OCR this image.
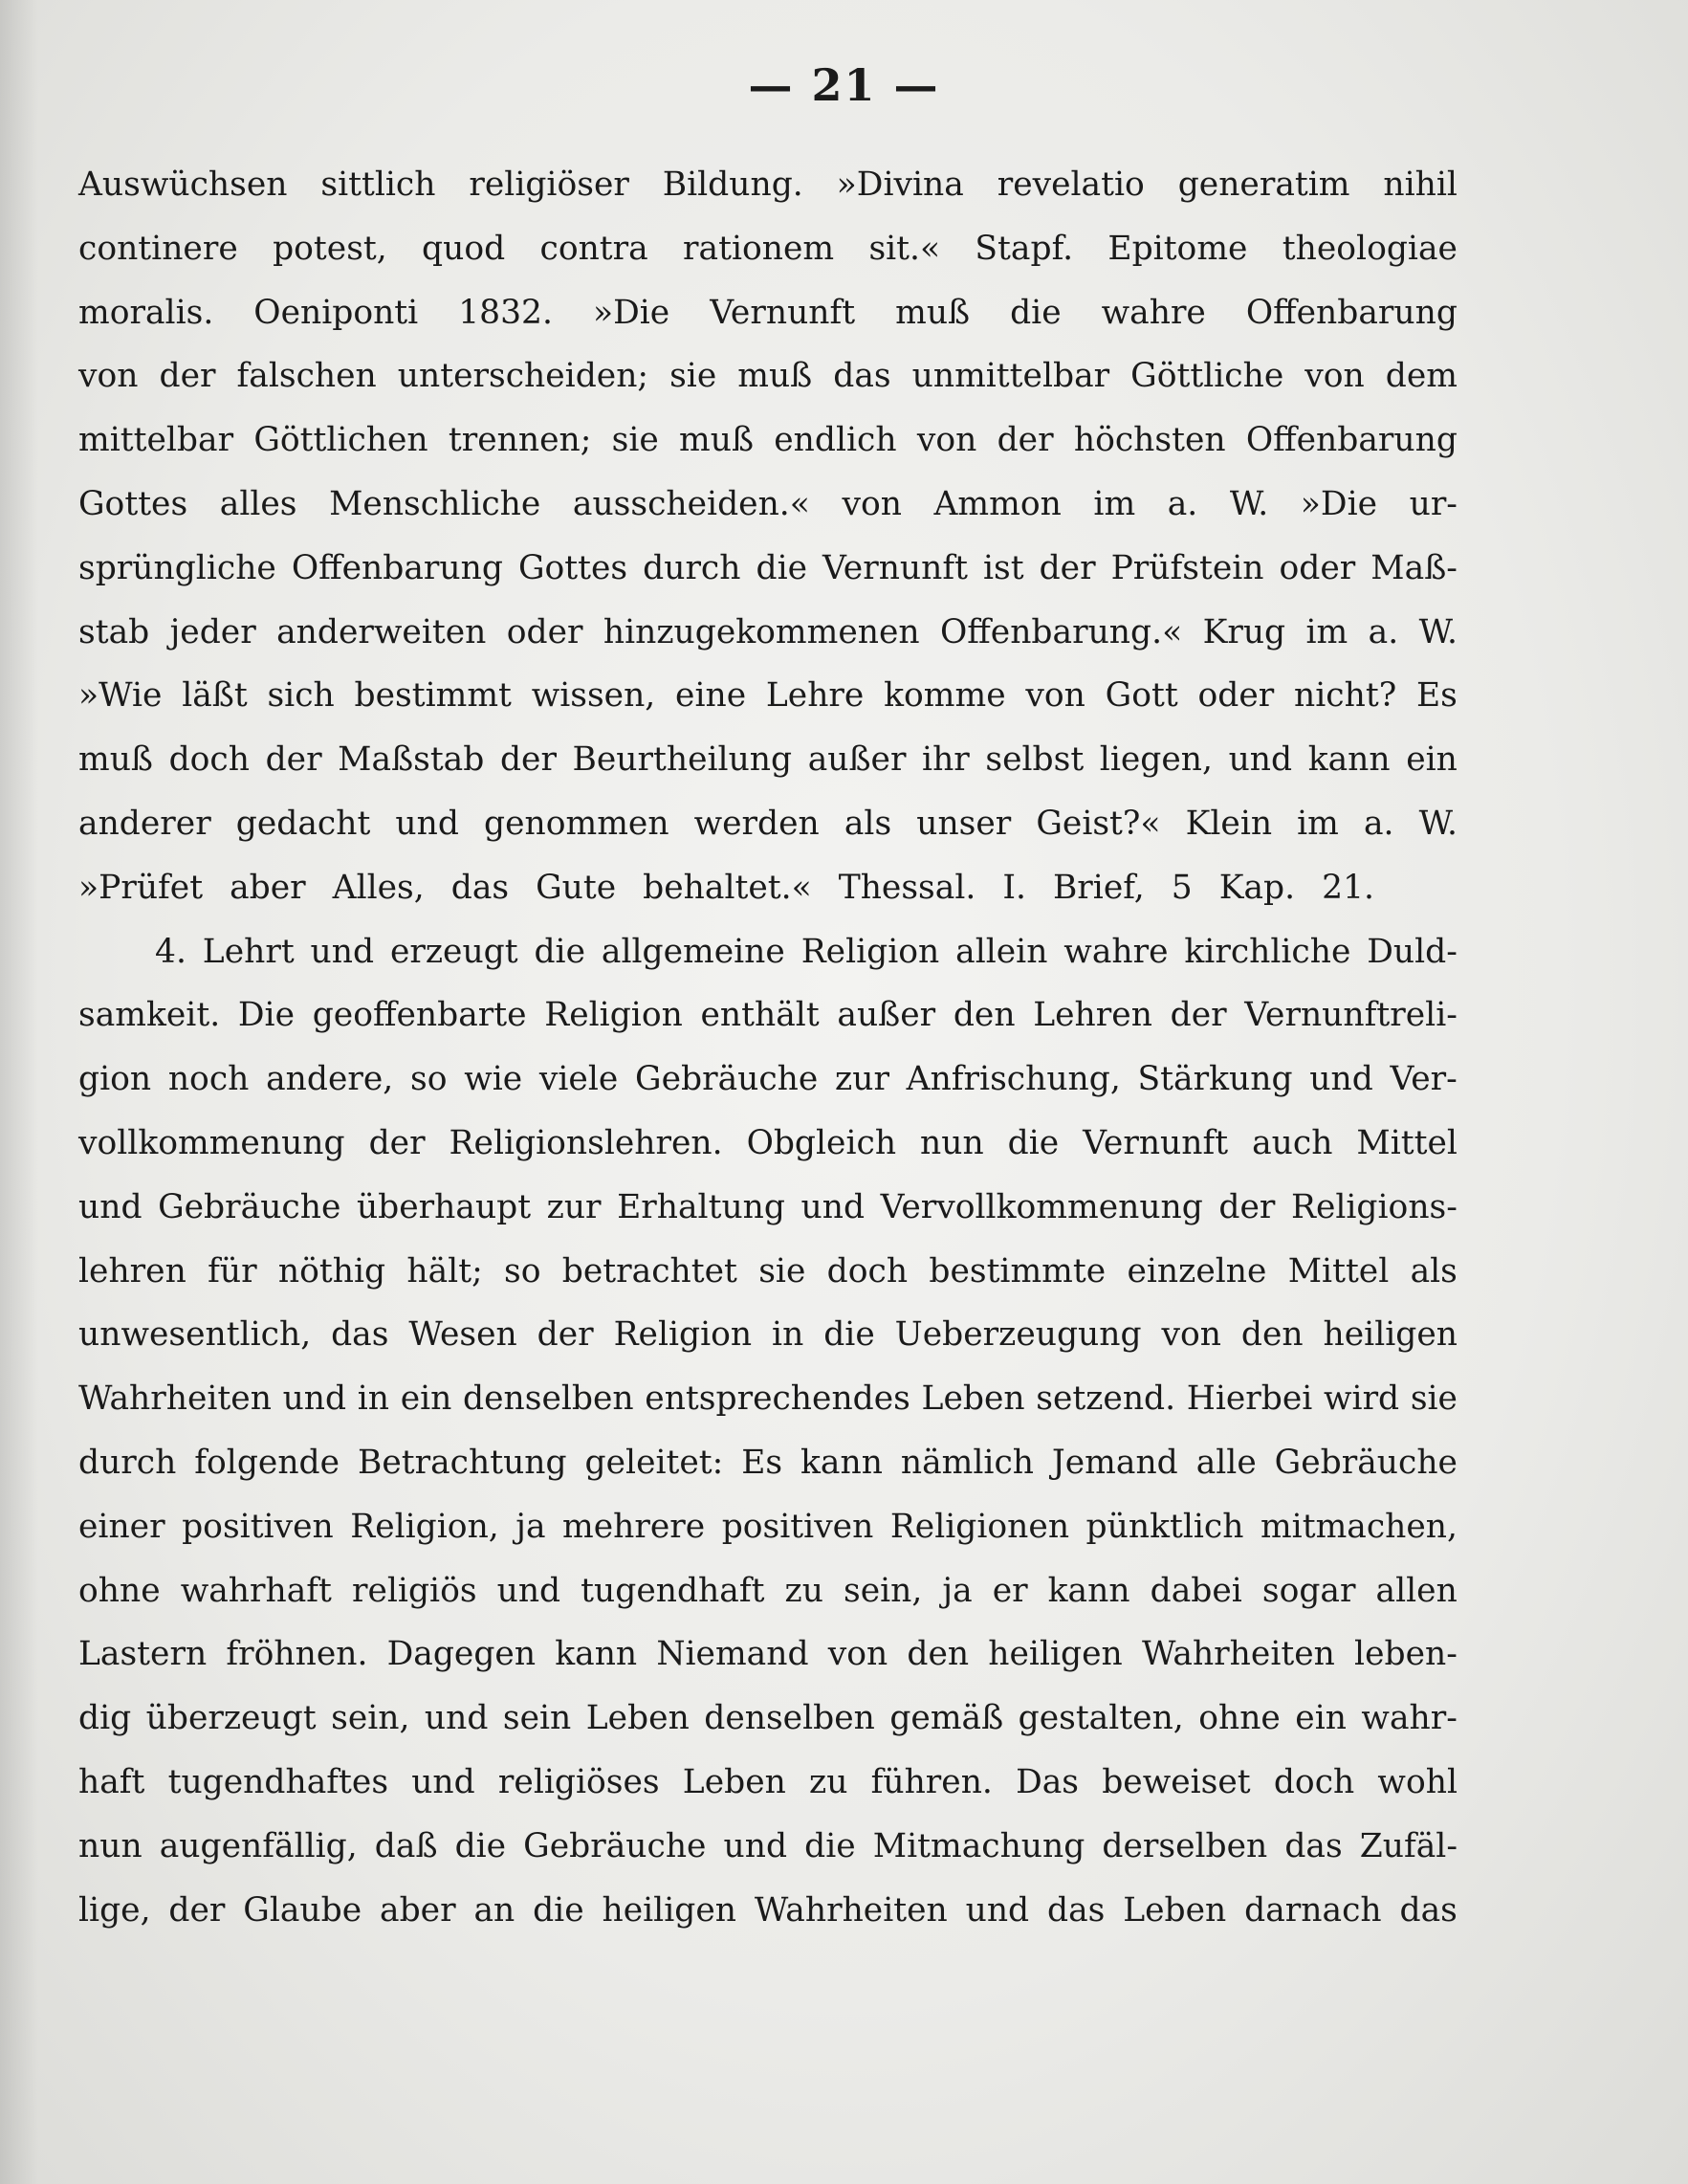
— 21 —
Auswüchsen sittlich religiöser Bildung. »Divina revelatio generatim nihil
continere potest, quod contra rationem sit.« Stapf. Epitome theologiae
moralis. Oeniponti 1832. »Die Vernunft muß die wahre Offenbarung
von der falschen unterscheiden; sie muß das unmittelbar Göttliche von dem
mittelbar Göttlichen trennen; sie muß endlich von der höchsten Offenbarung
Gottes alles Menschliche ausscheiden.« von Ammon im a. W. »Die ur-
sprüngliche Offenbarung Gottes durch die Vernunft ist der Prüfstein oder Maß-
stab jeder anderweiten oder hinzugekommenen Offenbarung.« Krug im a. W.
»Wie läßt sich bestimmt wissen, eine Lehre komme von Gott oder nicht? Es
muß doch der Maßstab der Beurtheilung außer ihr selbst liegen, und kann ein
anderer gedacht und genommen werden als unser Geist?« Klein im a. W.
»Prüfet aber Alles, das Gute behaltet.« Thessal. I. Brief, 5 Kap. 21.
4. Lehrt und erzeugt die allgemeine Religion allein wahre kirchliche Duld-
samkeit. Die geoffenbarte Religion enthält außer den Lehren der Vernunftreli-
gion noch andere, so wie viele Gebräuche zur Anfrischung, Stärkung und Ver-
vollkommenung der Religionslehren. Obgleich nun die Vernunft auch Mittel
und Gebräuche überhaupt zur Erhaltung und Vervollkommenung der Religions-
lehren für nöthig hält; so betrachtet sie doch bestimmte einzelne Mittel als
unwesentlich, das Wesen der Religion in die Ueberzeugung von den heiligen
Wahrheiten und in ein denselben entsprechendes Leben setzend. Hierbei wird sie
durch folgende Betrachtung geleitet: Es kann nämlich Jemand alle Gebräuche
einer positiven Religion, ja mehrere positiven Religionen pünktlich mitmachen,
ohne wahrhaft religiös und tugendhaft zu sein, ja er kann dabei sogar allen
Lastern fröhnen. Dagegen kann Niemand von den heiligen Wahrheiten leben-
dig überzeugt sein, und sein Leben denselben gemäß gestalten, ohne ein wahr-
haft tugendhaftes und religiöses Leben zu führen. Das beweiset doch wohl
nun augenfällig, daß die Gebräuche und die Mitmachung derselben das Zufäl-
lige, der Glaube aber an die heiligen Wahrheiten und das Leben darnach das
